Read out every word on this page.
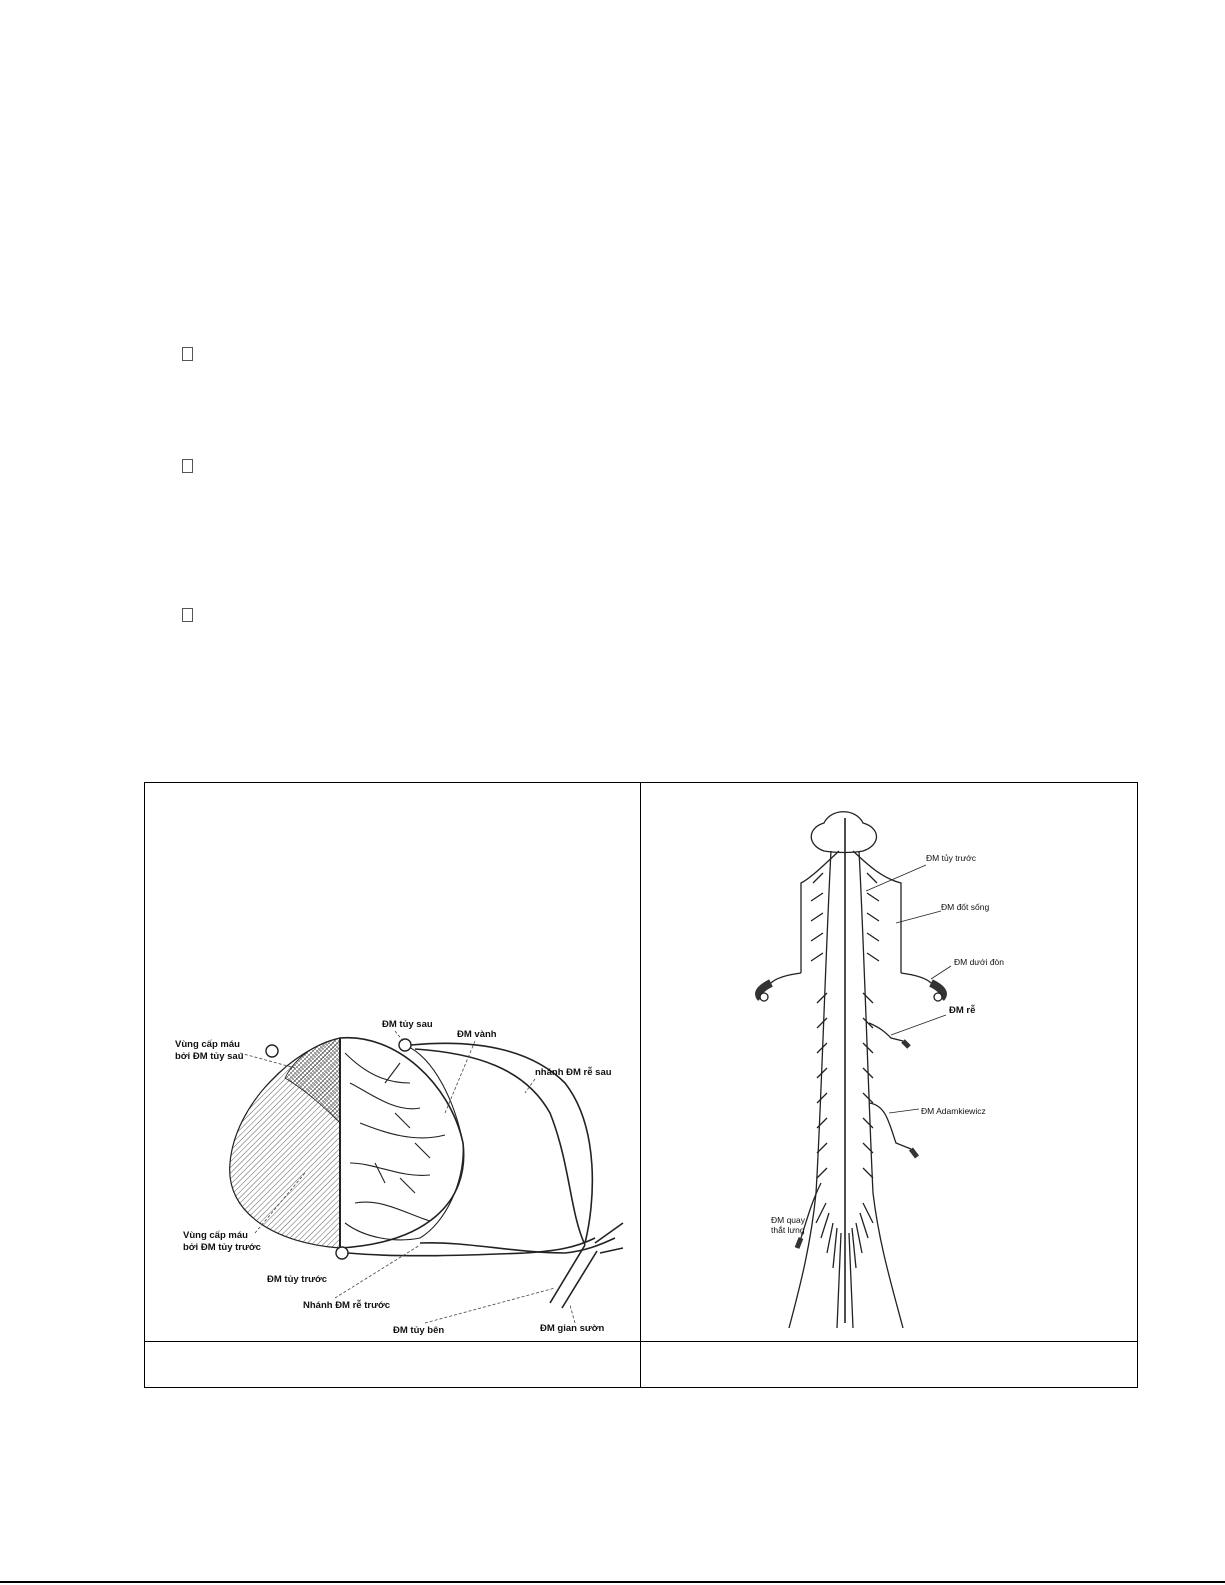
Vùng cấp máu
bởi ĐM tủy sau
ĐM tủy sau
ĐM vành
nhánh ĐM rễ sau
Vùng cấp máu
bởi ĐM tủy trước
ĐM tủy trước
Nhánh ĐM rễ trước
ĐM tủy bên	ĐM gian sườn
ĐM tủy trước
ĐM đốt sống
ĐM dưới đòn
ĐM rễ
ĐM Adamkiewicz
ĐM quay
thắt lưng
